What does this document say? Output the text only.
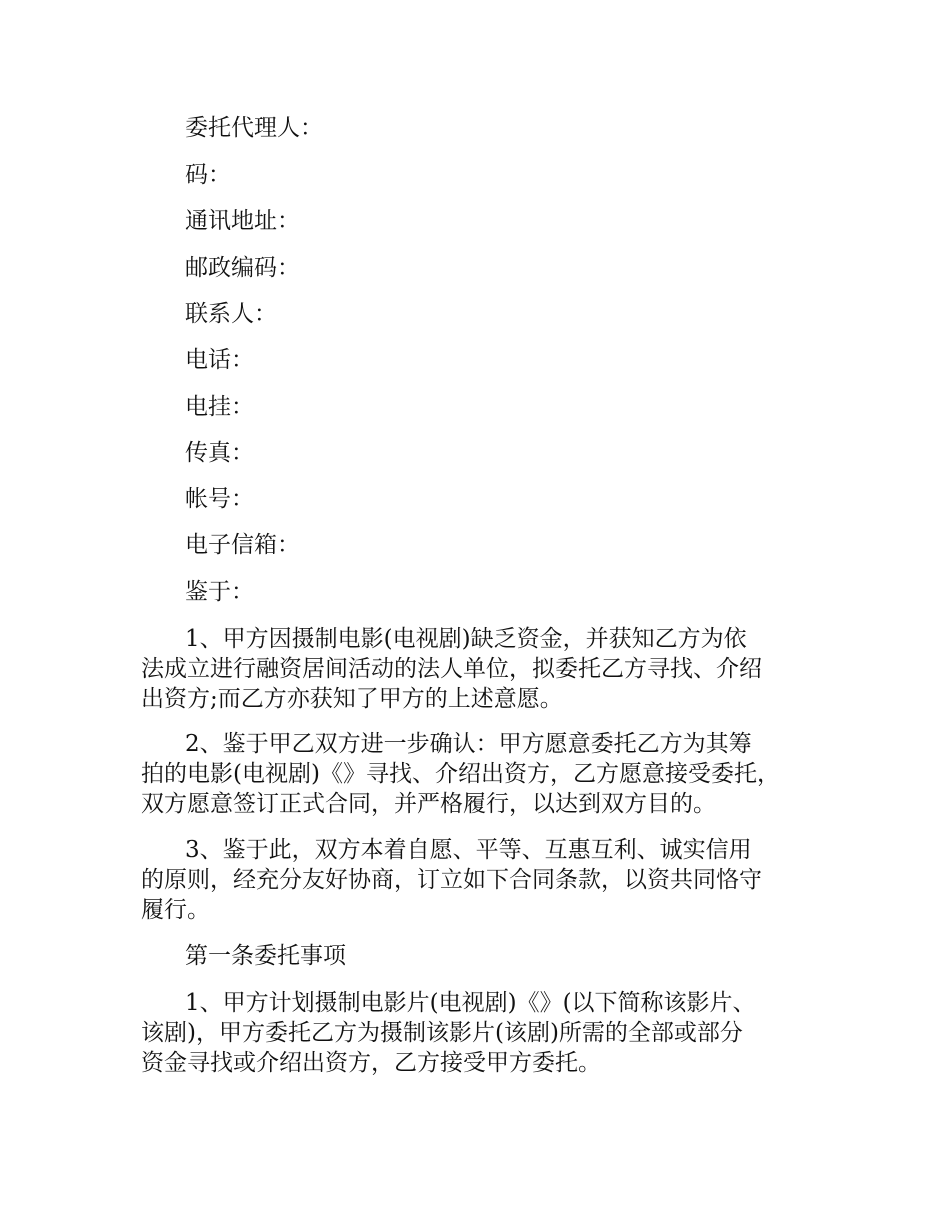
委托代理人：

码：

通讯地址：

邮政编码：

联系人：

电话：

电挂：

传真：

帐号：

电子信箱：

鉴于：

1、甲方因摄制电影(电视剧)缺乏资金，并获知乙方为依
法成立进行融资居间活动的法人单位，拟委托乙方寻找、介绍
出资方;而乙方亦获知了甲方的上述意愿。
2、鉴于甲乙双方进一步确认：甲方愿意委托乙方为其筹
拍的电影(电视剧)《》寻找、介绍出资方，乙方愿意接受委托，
双方愿意签订正式合同，并严格履行，以达到双方目的。
3、鉴于此，双方本着自愿、平等、互惠互利、诚实信用
的原则，经充分友好协商，订立如下合同条款，以资共同恪守
履行。

第一条委托事项

1、甲方计划摄制电影片(电视剧)《》(以下简称该影片、
该剧)，甲方委托乙方为摄制该影片(该剧)所需的全部或部分
资金寻找或介绍出资方，乙方接受甲方委托。
